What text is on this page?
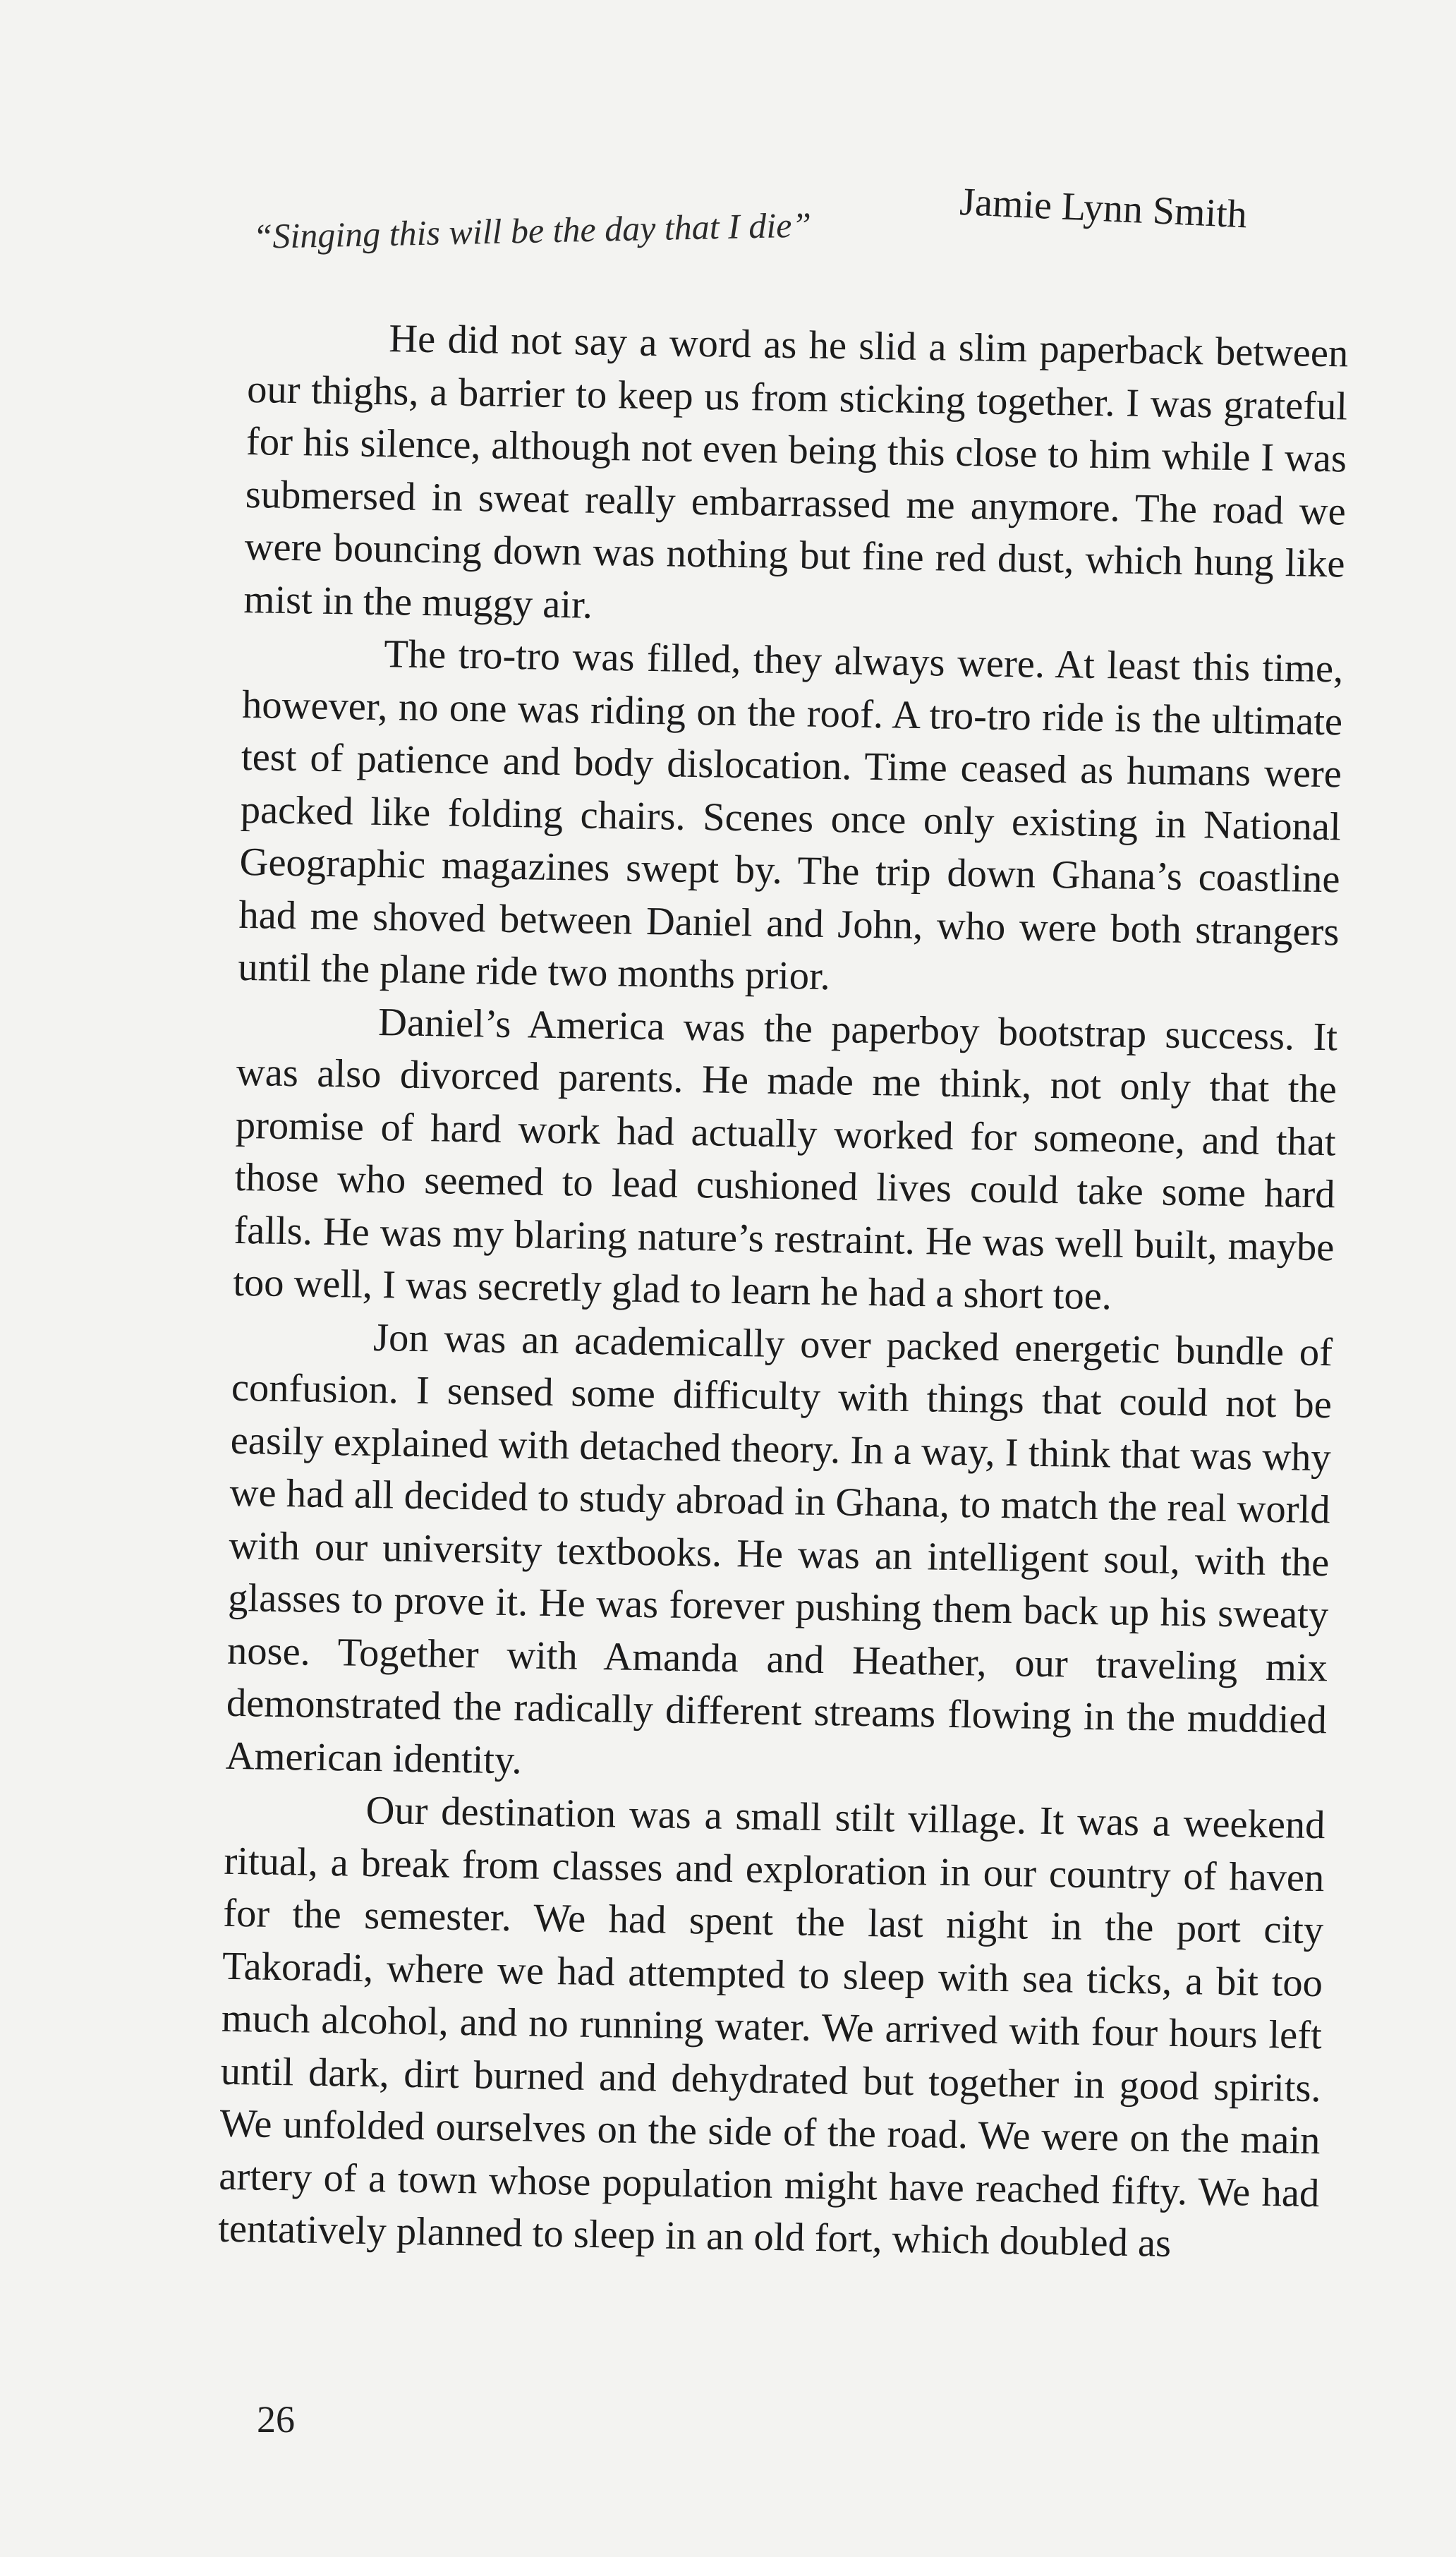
“Singing this will be the day that I die”	Jamie Lynn Smith

He did not say a word as he slid a slim paperback between our thighs, a barrier to keep us from sticking together. I was grateful for his silence, although not even being this close to him while I was submersed in sweat really embarrassed me anymore. The road we were bouncing down was nothing but fine red dust, which hung like mist in the muggy air.

The tro-tro was filled, they always were. At least this time, however, no one was riding on the roof. A tro-tro ride is the ultimate test of patience and body dislocation. Time ceased as humans were packed like folding chairs. Scenes once only existing in National Geographic magazines swept by. The trip down Ghana’s coastline had me shoved between Daniel and John, who were both strangers until the plane ride two months prior.

Daniel’s America was the paperboy bootstrap success. It was also divorced parents. He made me think, not only that the promise of hard work had actually worked for someone, and that those who seemed to lead cushioned lives could take some hard falls. He was my blaring nature’s restraint. He was well built, maybe too well, I was secretly glad to learn he had a short toe.

Jon was an academically over packed energetic bundle of confusion. I sensed some difficulty with things that could not be easily explained with detached theory. In a way, I think that was why we had all decided to study abroad in Ghana, to match the real world with our university textbooks. He was an intelligent soul, with the glasses to prove it. He was forever pushing them back up his sweaty nose. Together with Amanda and Heather, our traveling mix demonstrated the radically different streams flowing in the muddied American identity.

Our destination was a small stilt village. It was a weekend ritual, a break from classes and exploration in our country of haven for the semester. We had spent the last night in the port city Takoradi, where we had attempted to sleep with sea ticks, a bit too much alcohol, and no running water. We arrived with four hours left until dark, dirt burned and dehydrated but together in good spirits. We unfolded ourselves on the side of the road. We were on the main artery of a town whose population might have reached fifty. We had tentatively planned to sleep in an old fort, which doubled as

26
